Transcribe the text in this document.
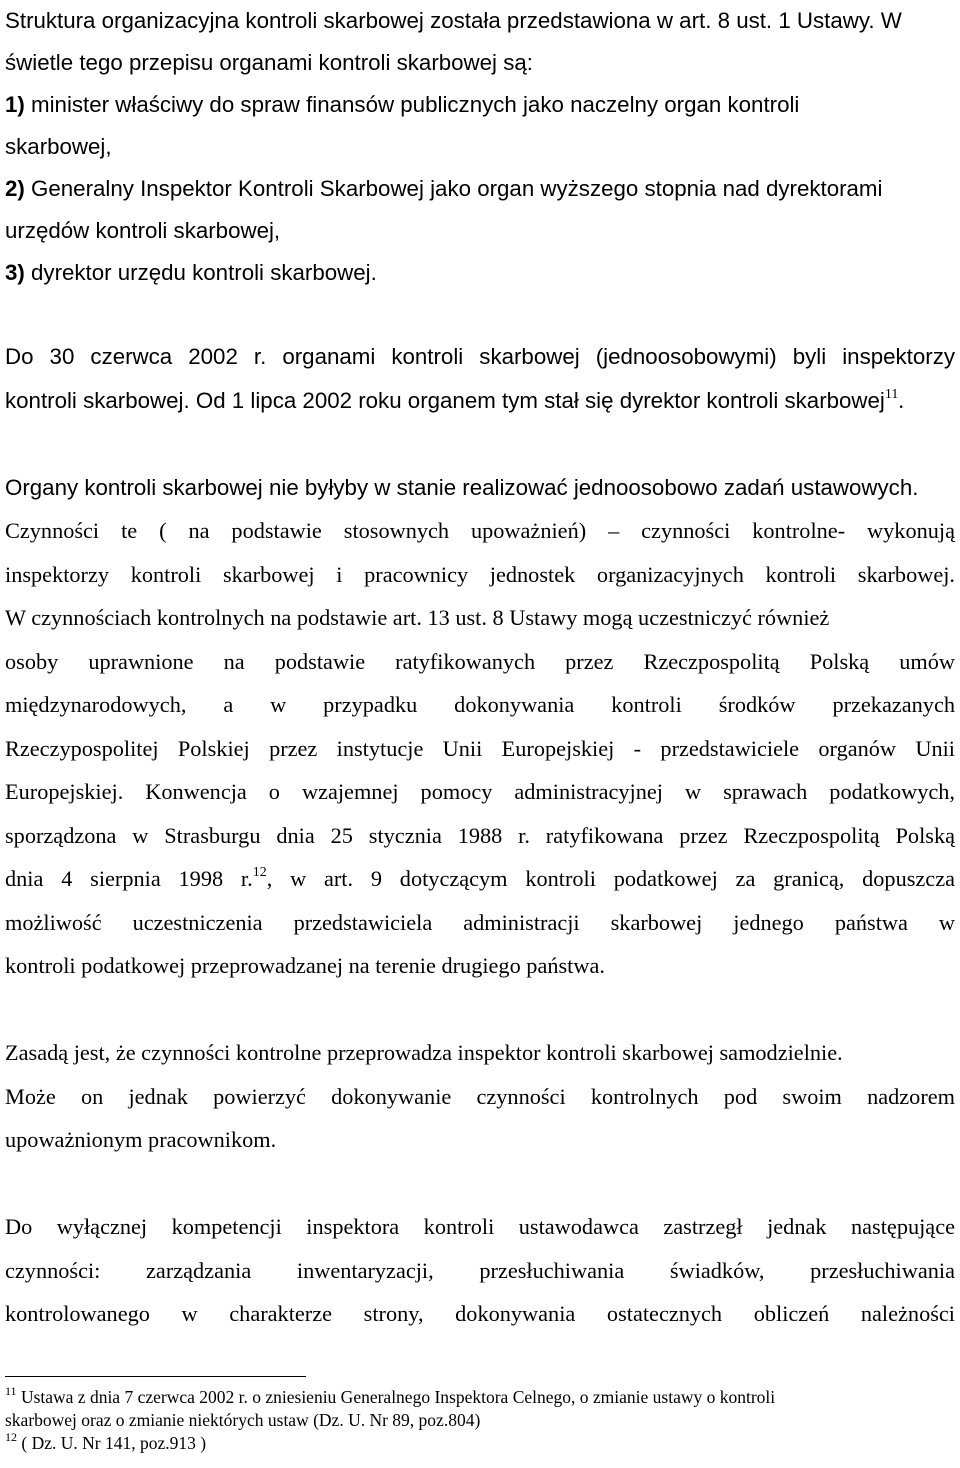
Struktura organizacyjna kontroli skarbowej została przedstawiona w art. 8 ust. 1 Ustawy. W
świetle tego przepisu organami kontroli skarbowej są:
1) minister właściwy do spraw finansów publicznych jako naczelny organ kontroli
skarbowej,
2) Generalny Inspektor Kontroli Skarbowej jako organ wyższego stopnia nad dyrektorami
urzędów kontroli skarbowej,
3) dyrektor urzędu kontroli skarbowej.
Do 30 czerwca 2002 r. organami kontroli skarbowej (jednoosobowymi) byli inspektorzy
kontroli skarbowej. Od 1 lipca 2002 roku organem tym stał się dyrektor kontroli skarbowej$^{11}$.
Organy kontroli skarbowej nie byłyby w stanie realizować jednoosobowo zadań ustawowych.
Czynności te ( na podstawie stosownych upoważnień) – czynności kontrolne- wykonują
inspektorzy kontroli skarbowej i pracownicy jednostek organizacyjnych kontroli skarbowej.
W czynnościach kontrolnych na podstawie art. 13 ust. 8 Ustawy mogą uczestniczyć również
osoby uprawnione na podstawie ratyfikowanych przez Rzeczpospolitą Polską umów
międzynarodowych, a w przypadku dokonywania kontroli środków przekazanych
Rzeczypospolitej Polskiej przez instytucje Unii Europejskiej - przedstawiciele organów Unii
Europejskiej. Konwencja o wzajemnej pomocy administracyjnej w sprawach podatkowych,
sporządzona w Strasburgu dnia 25 stycznia 1988 r. ratyfikowana przez Rzeczpospolitą Polską
dnia 4 sierpnia 1998 r.$^{12}$, w art. 9 dotyczącym kontroli podatkowej za granicą, dopuszcza
możliwość uczestniczenia przedstawiciela administracji skarbowej jednego państwa w
kontroli podatkowej przeprowadzanej na terenie drugiego państwa.
Zasadą jest, że czynności kontrolne przeprowadza inspektor kontroli skarbowej samodzielnie.
Może on jednak powierzyć dokonywanie czynności kontrolnych pod swoim nadzorem
upoważnionym pracownikom.
Do wyłącznej kompetencji inspektora kontroli ustawodawca zastrzegł jednak następujące
czynności: zarządzania inwentaryzacji, przesłuchiwania świadków, przesłuchiwania
kontrolowanego w charakterze strony, dokonywania ostatecznych obliczeń należności
$^{11}$ Ustawa z dnia 7 czerwca 2002 r. o zniesieniu Generalnego Inspektora Celnego, o zmianie ustawy o kontroli
skarbowej oraz o zmianie niektórych ustaw (Dz. U. Nr 89, poz.804)
$^{12}$ ( Dz. U. Nr 141, poz.913 )
